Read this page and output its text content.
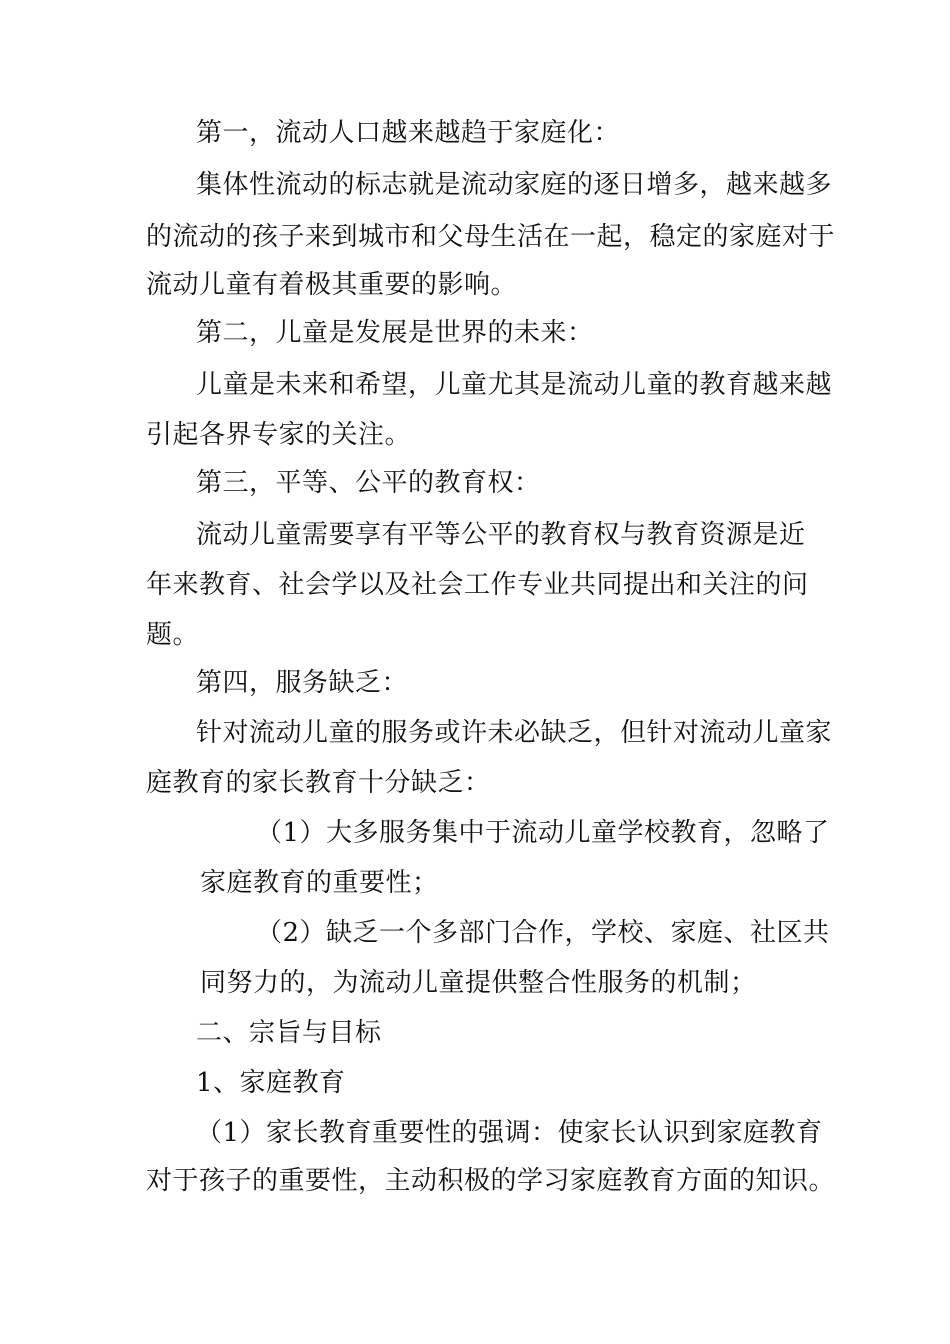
第一，流动人口越来越趋于家庭化：
集体性流动的标志就是流动家庭的逐日增多，越来越多
的流动的孩子来到城市和父母生活在一起，稳定的家庭对于
流动儿童有着极其重要的影响。
第二，儿童是发展是世界的未来：
儿童是未来和希望，儿童尤其是流动儿童的教育越来越
引起各界专家的关注。
第三，平等、公平的教育权：
流动儿童需要享有平等公平的教育权与教育资源是近
年来教育、社会学以及社会工作专业共同提出和关注的问
题。
第四，服务缺乏：
针对流动儿童的服务或许未必缺乏，但针对流动儿童家
庭教育的家长教育十分缺乏：
（1）大多服务集中于流动儿童学校教育，忽略了
家庭教育的重要性；
（2）缺乏一个多部门合作，学校、家庭、社区共
同努力的，为流动儿童提供整合性服务的机制；
二、宗旨与目标
1、家庭教育
（1）家长教育重要性的强调：使家长认识到家庭教育
对于孩子的重要性，主动积极的学习家庭教育方面的知识。
